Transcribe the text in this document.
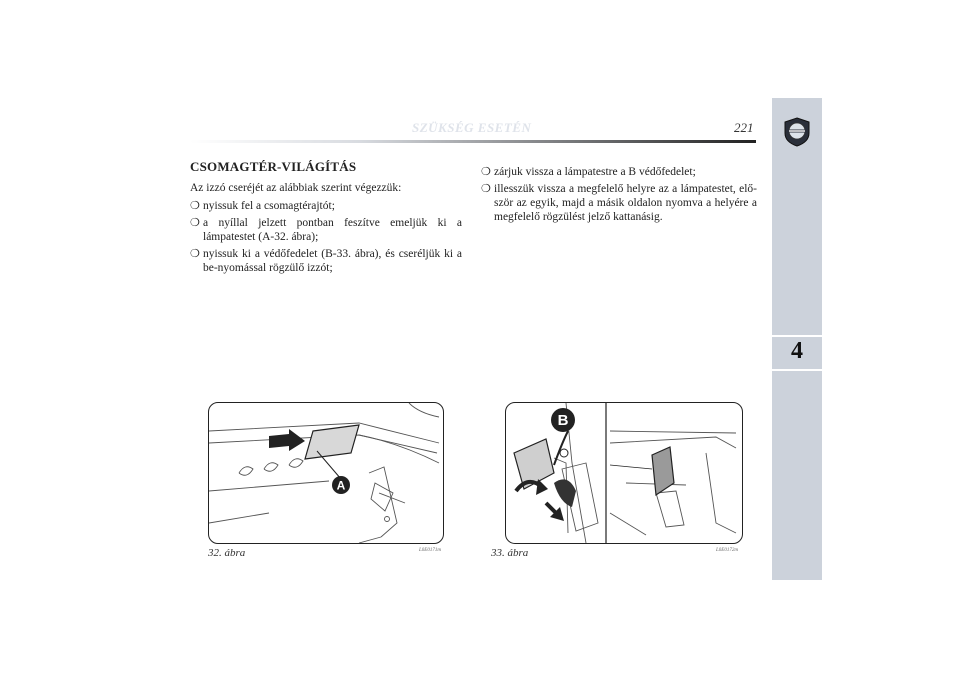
SZÜKSÉG ESETÉN	221
4
CSOMAGTÉR-VILÁGÍTÁS
Az izzó cseréjét az alábbiak szerint végezzük:
❍ nyissuk fel a csomagtérajtót;
❍ a nyíllal jelzett pontban feszítve emeljük ki a lámpatestet (A-32. ábra);
❍ nyissuk ki a védőfedelet (B-33. ábra), és cseréljük ki a be-nyomással rögzülő izzót;
❍ zárjuk vissza a lámpatestre a B védőfedelet;
❍ illesszük vissza a megfelelő helyre az a lámpatestet, elő-ször az egyik, majd a másik oldalon nyomva a helyére a megfelelő rögzülést jelző kattanásig.
A
32. ábra	L0E0171m
B
33. ábra	L0E0172m
